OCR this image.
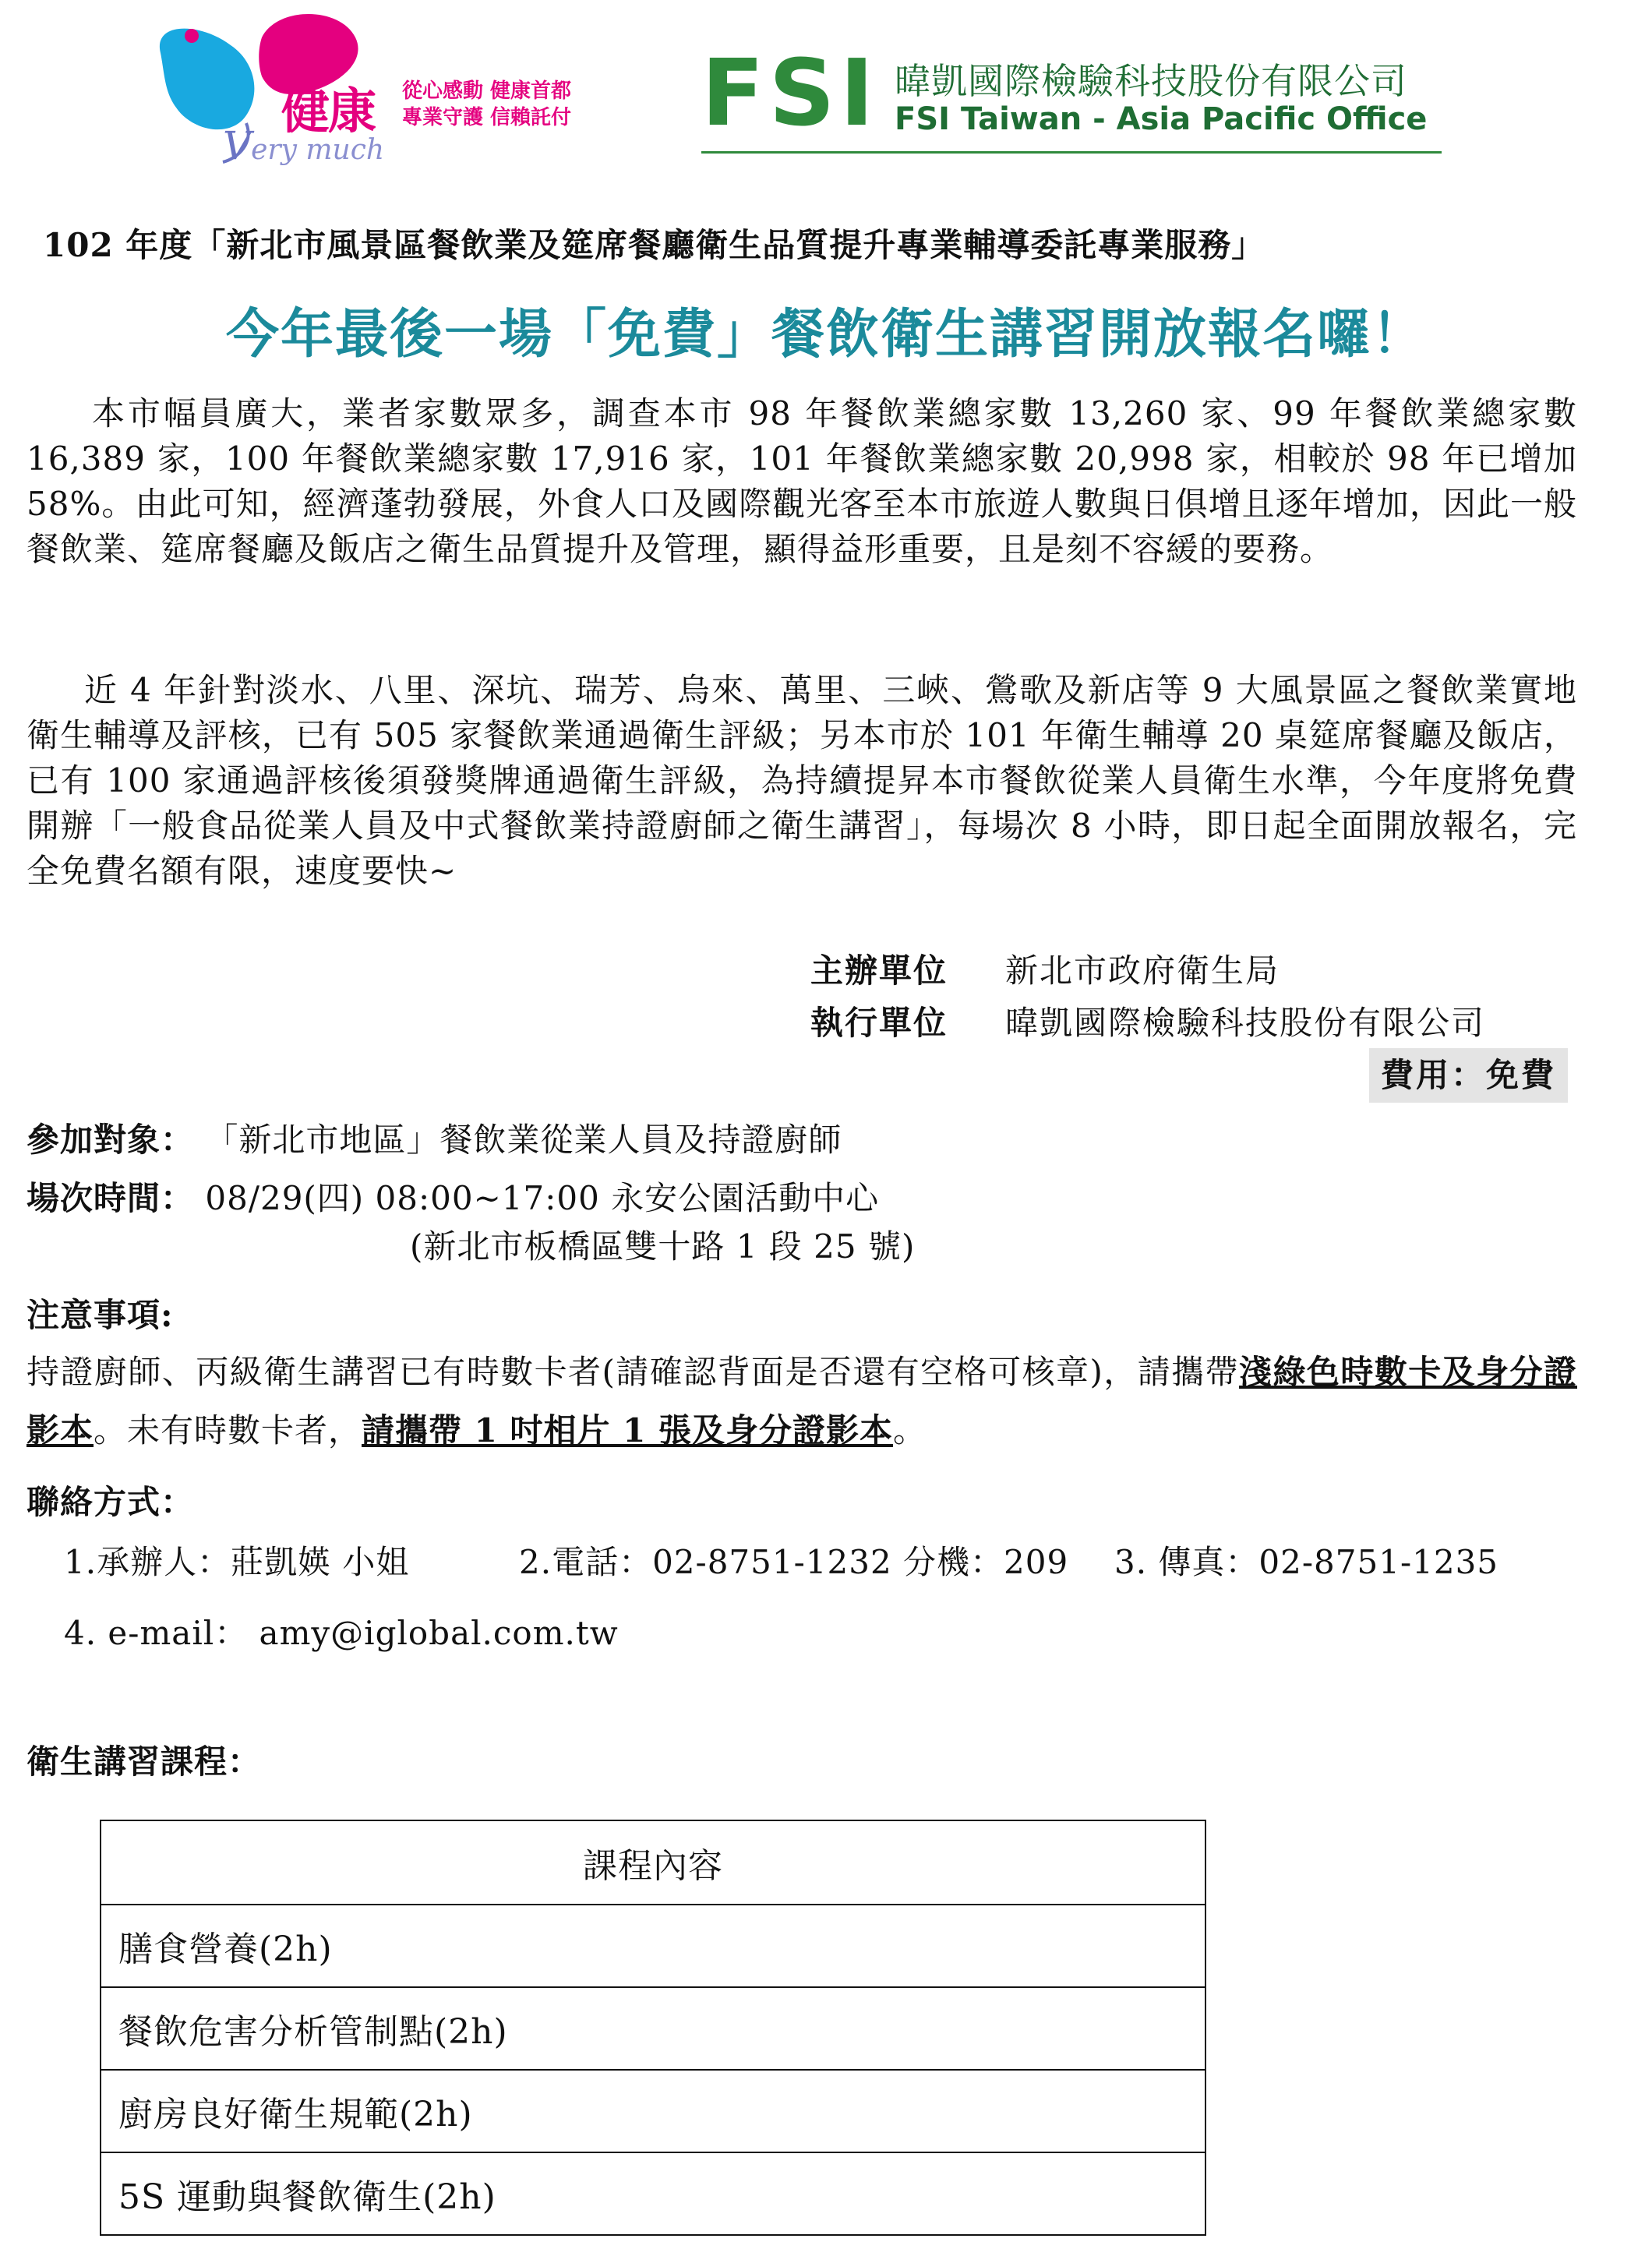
健康 從心感動 健康首都
專業守護 信賴託付
Very much
FSI 暐凱國際檢驗科技股份有限公司
FSI Taiwan - Asia Pacific Office
102 年度「新北市風景區餐飲業及筵席餐廳衛生品質提升專業輔導委託專業服務」
今年最後一場「免費」餐飲衛生講習開放報名囉！
本市幅員廣大，業者家數眾多，調查本市 98 年餐飲業總家數 13,260 家、99 年餐飲業總家數 16,389 家，100 年餐飲業總家數 17,916 家，101 年餐飲業總家數 20,998 家，相較於 98 年已增加 58%。由此可知，經濟蓬勃發展，外食人口及國際觀光客至本市旅遊人數與日俱增且逐年增加，因此一般餐飲業、筵席餐廳及飯店之衛生品質提升及管理，顯得益形重要，且是刻不容緩的要務。
近 4 年針對淡水、八里、深坑、瑞芳、烏來、萬里、三峽、鶯歌及新店等 9 大風景區之餐飲業實地衛生輔導及評核，已有 505 家餐飲業通過衛生評級；另本市於 101 年衛生輔導 20 桌筵席餐廳及飯店，已有 100 家通過評核後須發獎牌通過衛生評級，為持續提昇本市餐飲從業人員衛生水準，今年度將免費開辦「一般食品從業人員及中式餐飲業持證廚師之衛生講習」，每場次 8 小時，即日起全面開放報名，完全免費名額有限，速度要快~
主辦單位 新北市政府衛生局
執行單位 暐凱國際檢驗科技股份有限公司
費用：免費
參加對象： 「新北市地區」餐飲業從業人員及持證廚師
場次時間： 08/29(四) 08:00~17:00 永安公園活動中心
(新北市板橋區雙十路 1 段 25 號)
注意事項:
持證廚師、丙級衛生講習已有時數卡者(請確認背面是否還有空格可核章)，請攜帶淺綠色時數卡及身分證影本。未有時數卡者，請攜帶 1 吋相片 1 張及身分證影本。
聯絡方式：
1.承辦人：莊凱媖 小姐	2.電話：02-8751-1232 分機：209 3. 傳真：02-8751-1235
4. e-mail： amy@iglobal.com.tw
衛生講習課程：
課程內容
膳食營養(2h)
餐飲危害分析管制點(2h)
廚房良好衛生規範(2h)
5S 運動與餐飲衛生(2h)
